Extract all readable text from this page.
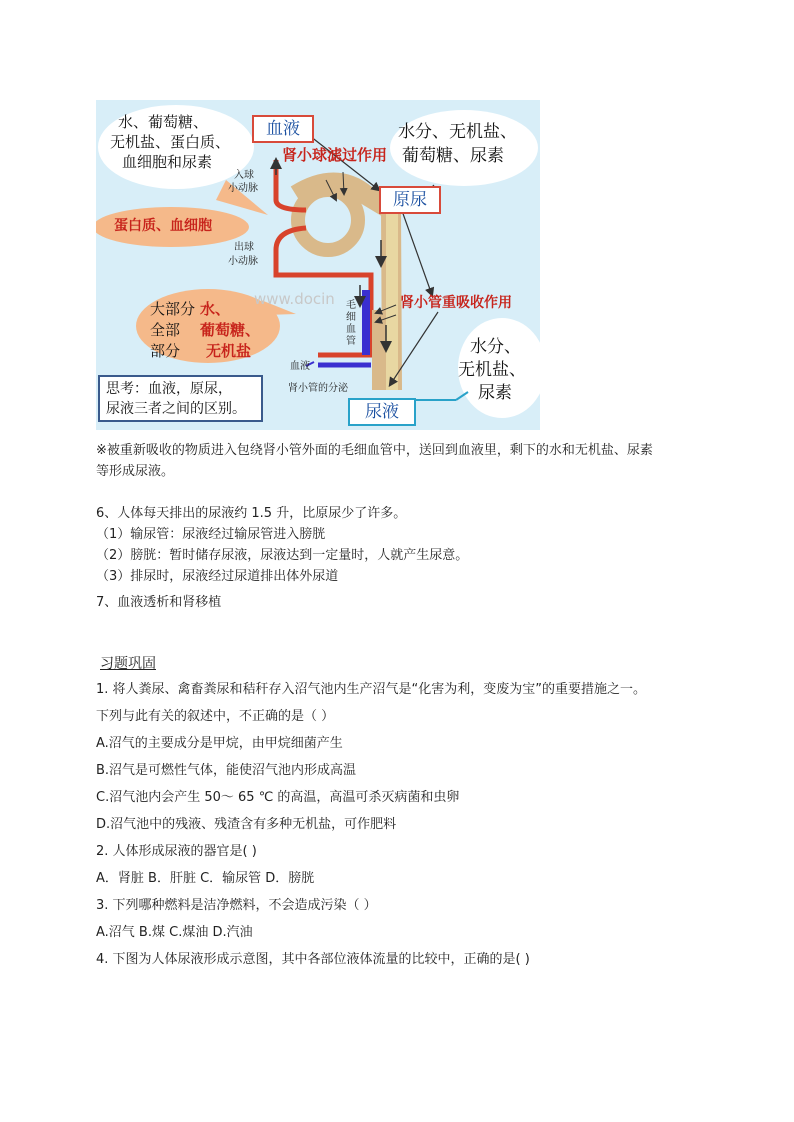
水、葡萄糖、
无机盐、蛋白质、
血细胞和尿素
蛋白质、血细胞
大部分
全部
部分
水、
葡萄糖、
无机盐
水分、无机盐、
葡萄糖、尿素
水分、
无机盐、
尿素
血液
原尿
尿液
肾小球滤过作用
肾小管重吸收作用
入球
小动脉
出球
小动脉
毛
细
血
管
血液
肾小管的分泌
www.docin
思考：血液，原尿，
尿液三者之间的区别。
※被重新吸收的物质进入包绕肾小管外面的毛细血管中，送回到血液里，剩下的水和无机盐、尿素
等形成尿液。
6、人体每天排出的尿液约 1.5 升，比原尿少了许多。
（1）输尿管：尿液经过输尿管进入膀胱
（2）膀胱：暂时储存尿液，尿液达到一定量时，人就产生尿意。
（3）排尿时，尿液经过尿道排出体外尿道
7、血液透析和肾移植
习题巩固
1. 将人粪尿、禽畜粪尿和秸秆存入沼气池内生产沼气是“化害为利，变废为宝”的重要措施之一。
下列与此有关的叙述中，不正确的是（ ）
A.沼气的主要成分是甲烷，由甲烷细菌产生
B.沼气是可燃性气体，能使沼气池内形成高温
C.沼气池内会产生 50～ 65 ℃ 的高温，高温可杀灭病菌和虫卵
D.沼气池中的残液、残渣含有多种无机盐，可作肥料
2. 人体形成尿液的器官是( )
A．肾脏 B．肝脏 C．输尿管 D．膀胱
3. 下列哪种燃料是洁净燃料，不会造成污染（ ）
A.沼气 B.煤 C.煤油 D.汽油
4. 下图为人体尿液形成示意图，其中各部位液体流量的比较中，正确的是( )
